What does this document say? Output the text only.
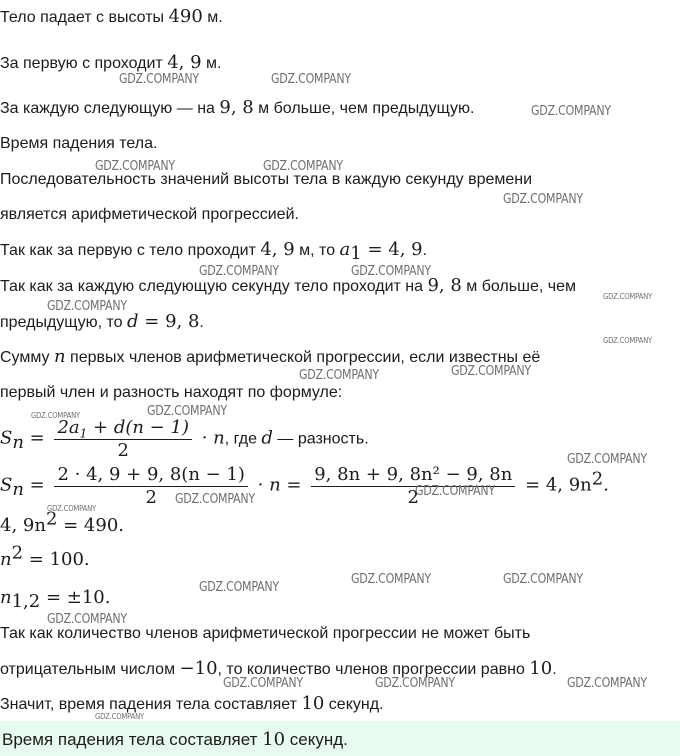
Тело падает с высоты 490 м.
За первую с проходит 4, 9 м.
За каждую следующую — на 9, 8 м больше, чем предыдущую.
Время падения тела.
Последовательность значений высоты тела в каждую секунду времени
является арифметической прогрессией.
Так как за первую с тело проходит 4, 9 м, то $a_1 = 4$, 9.
Так как за каждую следующую секунду тело проходит на 9, 8 м больше, чем
предыдущую, то d = 9, 8.
Сумму n первых членов арифметической прогрессии, если известны её
первый член и разность находят по формуле:
$S_n = \frac{2a_1 + d(n - 1)}{2} \cdot n$, где d — разность.
$S_n = \frac{2 \cdot 4, 9 + 9, 8(n - 1)}{2} \cdot n = \frac{\text{9, 8n + 9, 8n² − 9, 8n}}{2} = 4$, $9n^2$.
4, $9n^2 = 490$.
$n^2 = 100$.
$n_{1,2} = \pm 10$.
Так как количество членов арифметической прогрессии не может быть
отрицательным числом −10, то количество членов прогрессии равно 10.
Значит, время падения тела составляет 10 секунд.
Время падения тела составляет 10 секунд.
GDZ.COMPANY	GDZ.COMPANY
GDZ.COMPANY
GDZ.COMPANY	GDZ.COMPANY
GDZ.COMPANY
GDZ.COMPANY	GDZ.COMPANY
GDZ.COMPANY
GDZ.COMPANY
GDZ.COMPANY
GDZ.COMPANY	GDZ.COMPANY
GDZ.COMPANY
GDZ.COMPANY
GDZ.COMPANY
GDZ.COMPANY
GDZ.COMPANY
GDZ.COMPANY
GDZ.COMPANY
GDZ.COMPANY	GDZ.COMPANY
GDZ.COMPANY
GDZ.COMPANY	GDZ.COMPANY	GDZ.COMPANY
GDZ.COMPANY
